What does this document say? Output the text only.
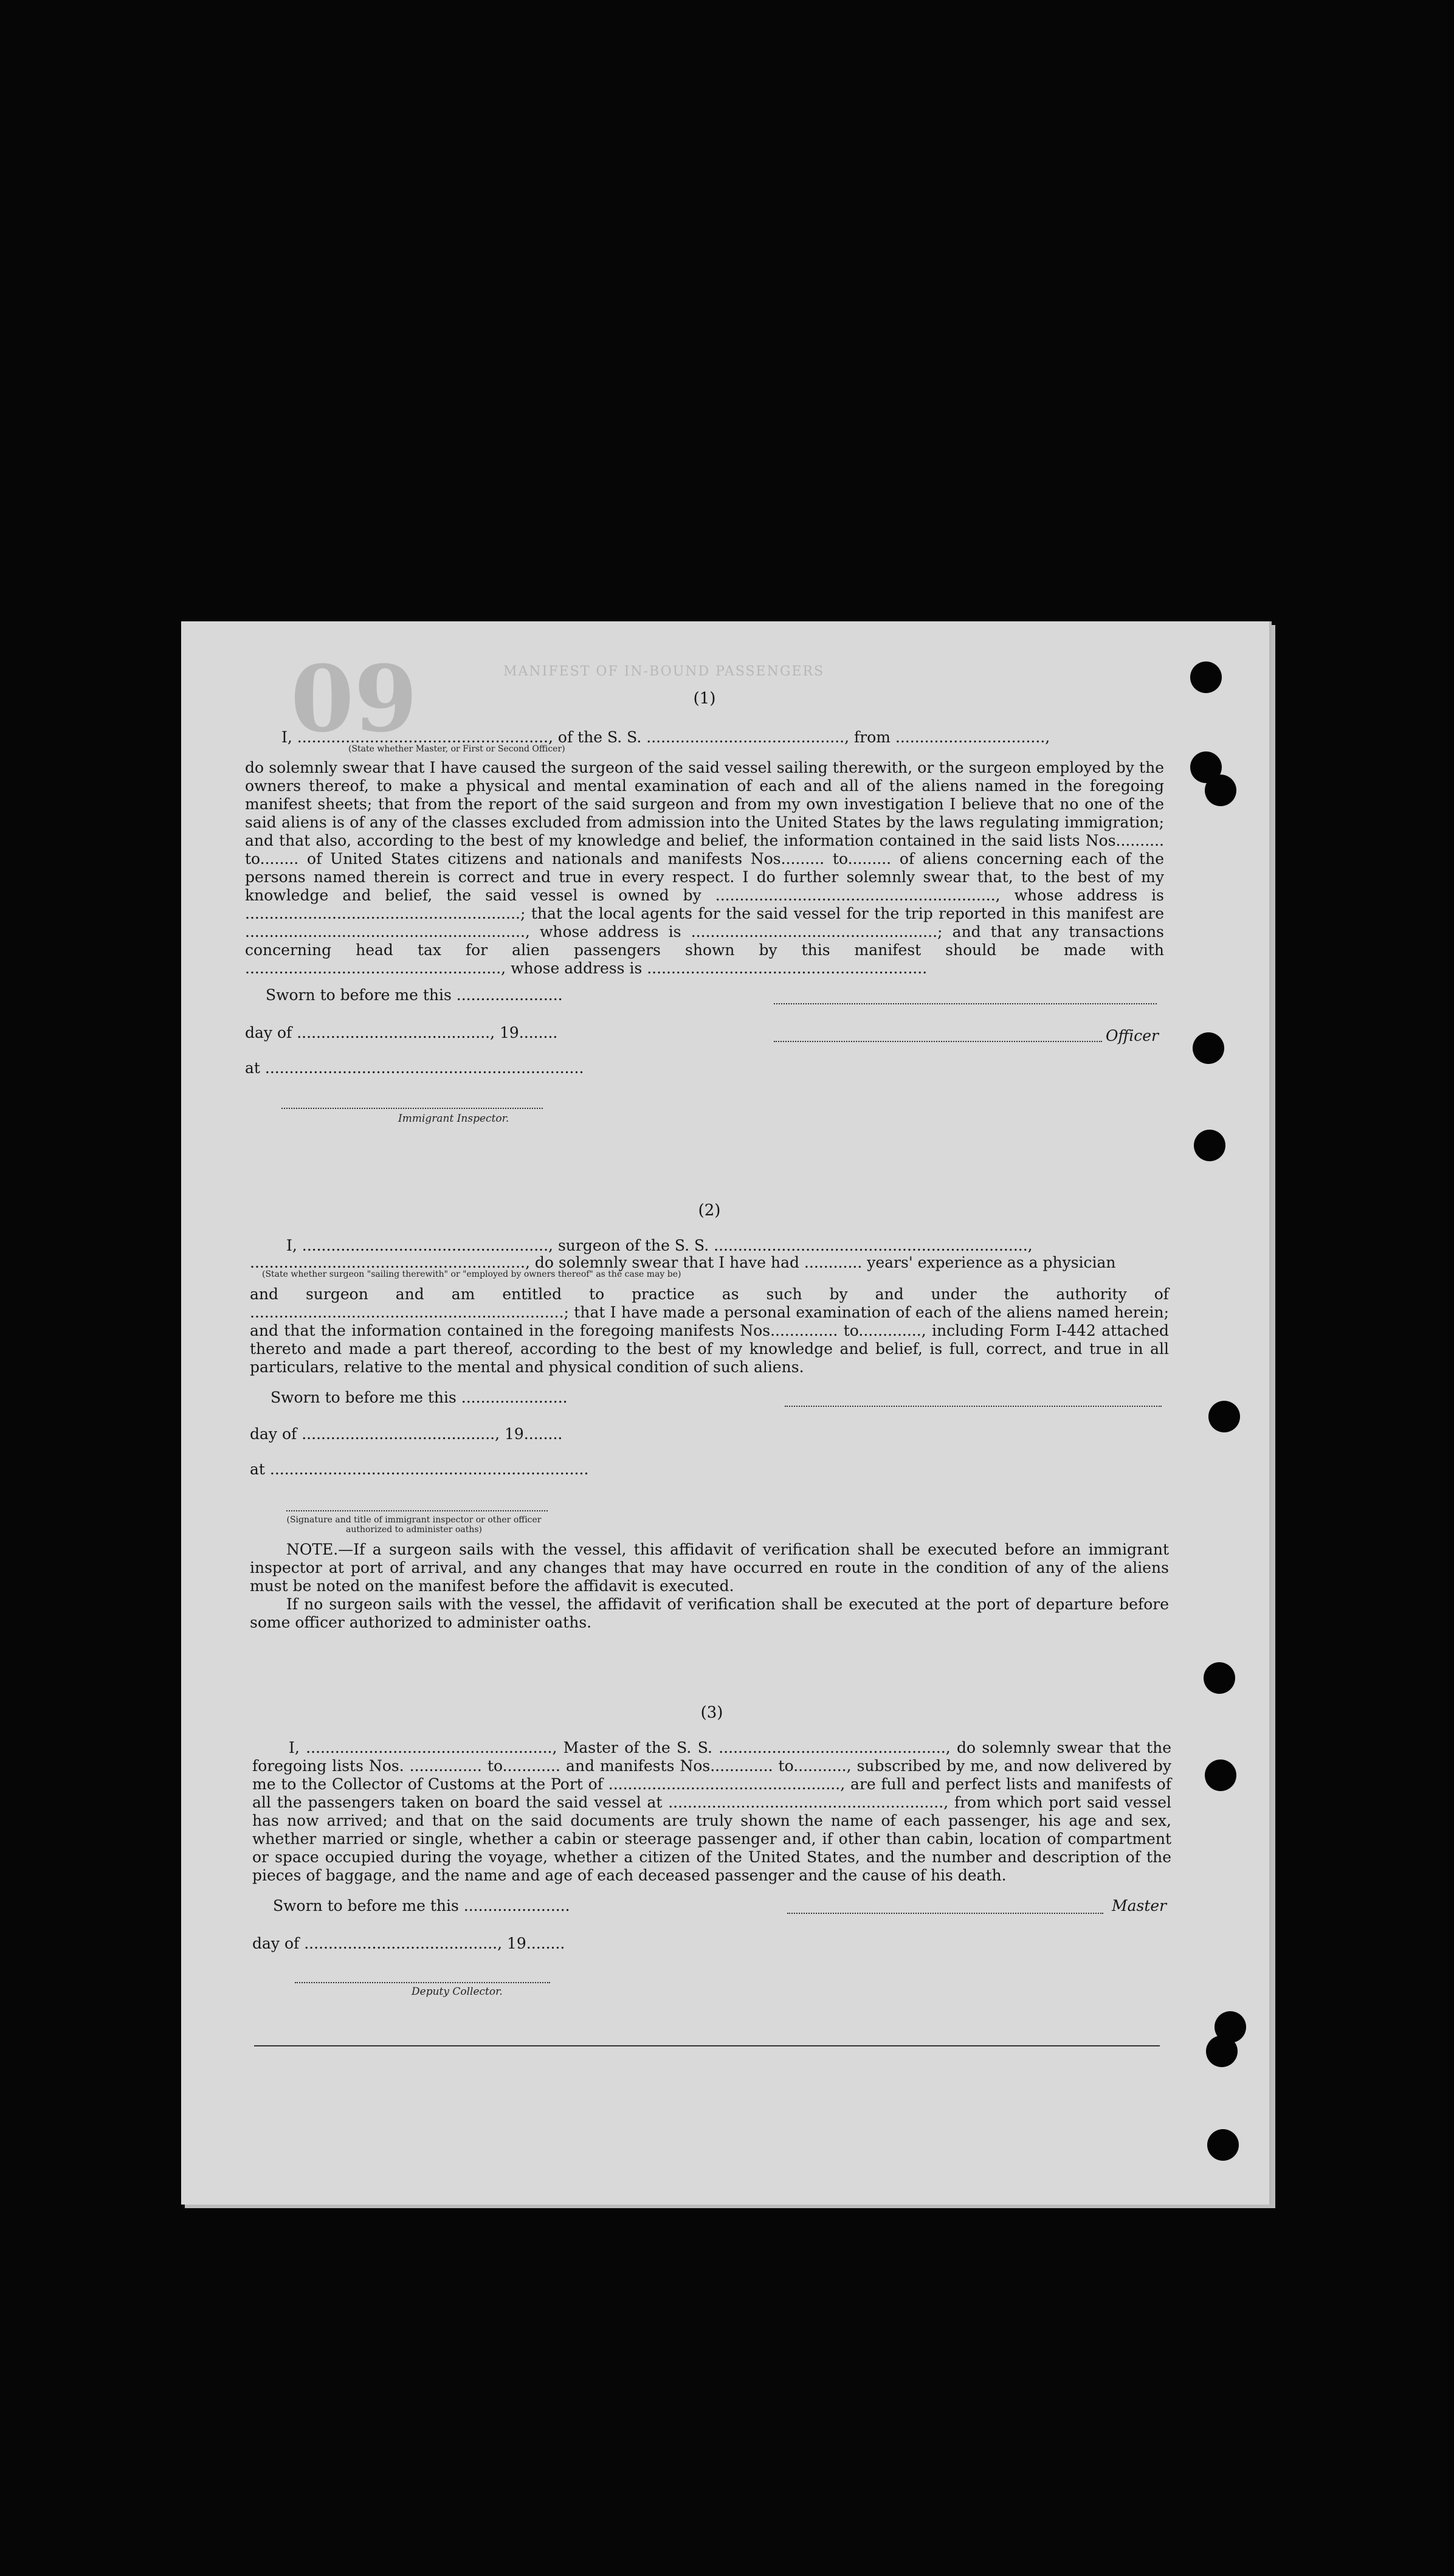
09	MANIFEST OF IN-BOUND PASSENGERS
(1)
I, ...................................................., of the S. S. ........................................., from ...............................,
(State whether Master, or First or Second Officer)

do solemnly swear that I have caused the surgeon of the said vessel sailing therewith, or the surgeon employed by the owners thereof, to make a physical and mental examination of each and all of the aliens named in the foregoing manifest sheets; that from the report of the said surgeon and from my own investigation I believe that no one of the said aliens is of any of the classes excluded from admission into the United States by the laws regulating immigration; and that also, according to the best of my knowledge and belief, the information contained in the said lists Nos.......... to........ of United States citizens and nationals and manifests Nos......... to......... of aliens concerning each of the persons named therein is correct and true in every respect. I do further solemnly swear that, to the best of my knowledge and belief, the said vessel is owned by .........................................................., whose address is .........................................................; that the local agents for the said vessel for the trip reported in this manifest are .........................................................., whose address is ...................................................; and that any transactions concerning head tax for alien passengers shown by this manifest should be made with ....................................................., whose address is ..........................................................

Sworn to before me this ......................
day of ........................................, 19........
at ..................................................................
Immigrant Inspector.
Officer
(2)
I, ..................................................., surgeon of the S. S. .................................................................,
........................................................., do solemnly swear that I have had ............ years' experience as a physician
(State whether surgeon "sailing therewith" or "employed by owners thereof" as the case may be)

and surgeon and am entitled to practice as such by and under the authority of .................................................................; that I have made a personal examination of each of the aliens named herein; and that the information contained in the foregoing manifests Nos.............. to............., including Form I-442 attached thereto and made a part thereof, according to the best of my knowledge and belief, is full, correct, and true in all particulars, relative to the mental and physical condition of such aliens.

Sworn to before me this ......................
day of ........................................, 19........
at ..................................................................
(Signature and title of immigrant inspector or other officer authorized to administer oaths)

NOTE.—If a surgeon sails with the vessel, this affidavit of verification shall be executed before an immigrant inspector at port of arrival, and any changes that may have occurred en route in the condition of any of the aliens must be noted on the manifest before the affidavit is executed.

If no surgeon sails with the vessel, the affidavit of verification shall be executed at the port of departure before some officer authorized to administer oaths.

(3)

I, ..................................................., Master of the S. S. ..............................................., do solemnly swear that the foregoing lists Nos. ............... to............ and manifests Nos............. to..........., subscribed by me, and now delivered by me to the Collector of Customs at the Port of ................................................, are full and perfect lists and manifests of all the passengers taken on board the said vessel at ........................................................., from which port said vessel has now arrived; and that on the said documents are truly shown the name of each passenger, his age and sex, whether married or single, whether a cabin or steerage passenger and, if other than cabin, location of compartment or space occupied during the voyage, whether a citizen of the United States, and the number and description of the pieces of baggage, and the name and age of each deceased passenger and the cause of his death.

Sworn to before me this ......................	Master
day of ........................................, 19........
Deputy Collector.
